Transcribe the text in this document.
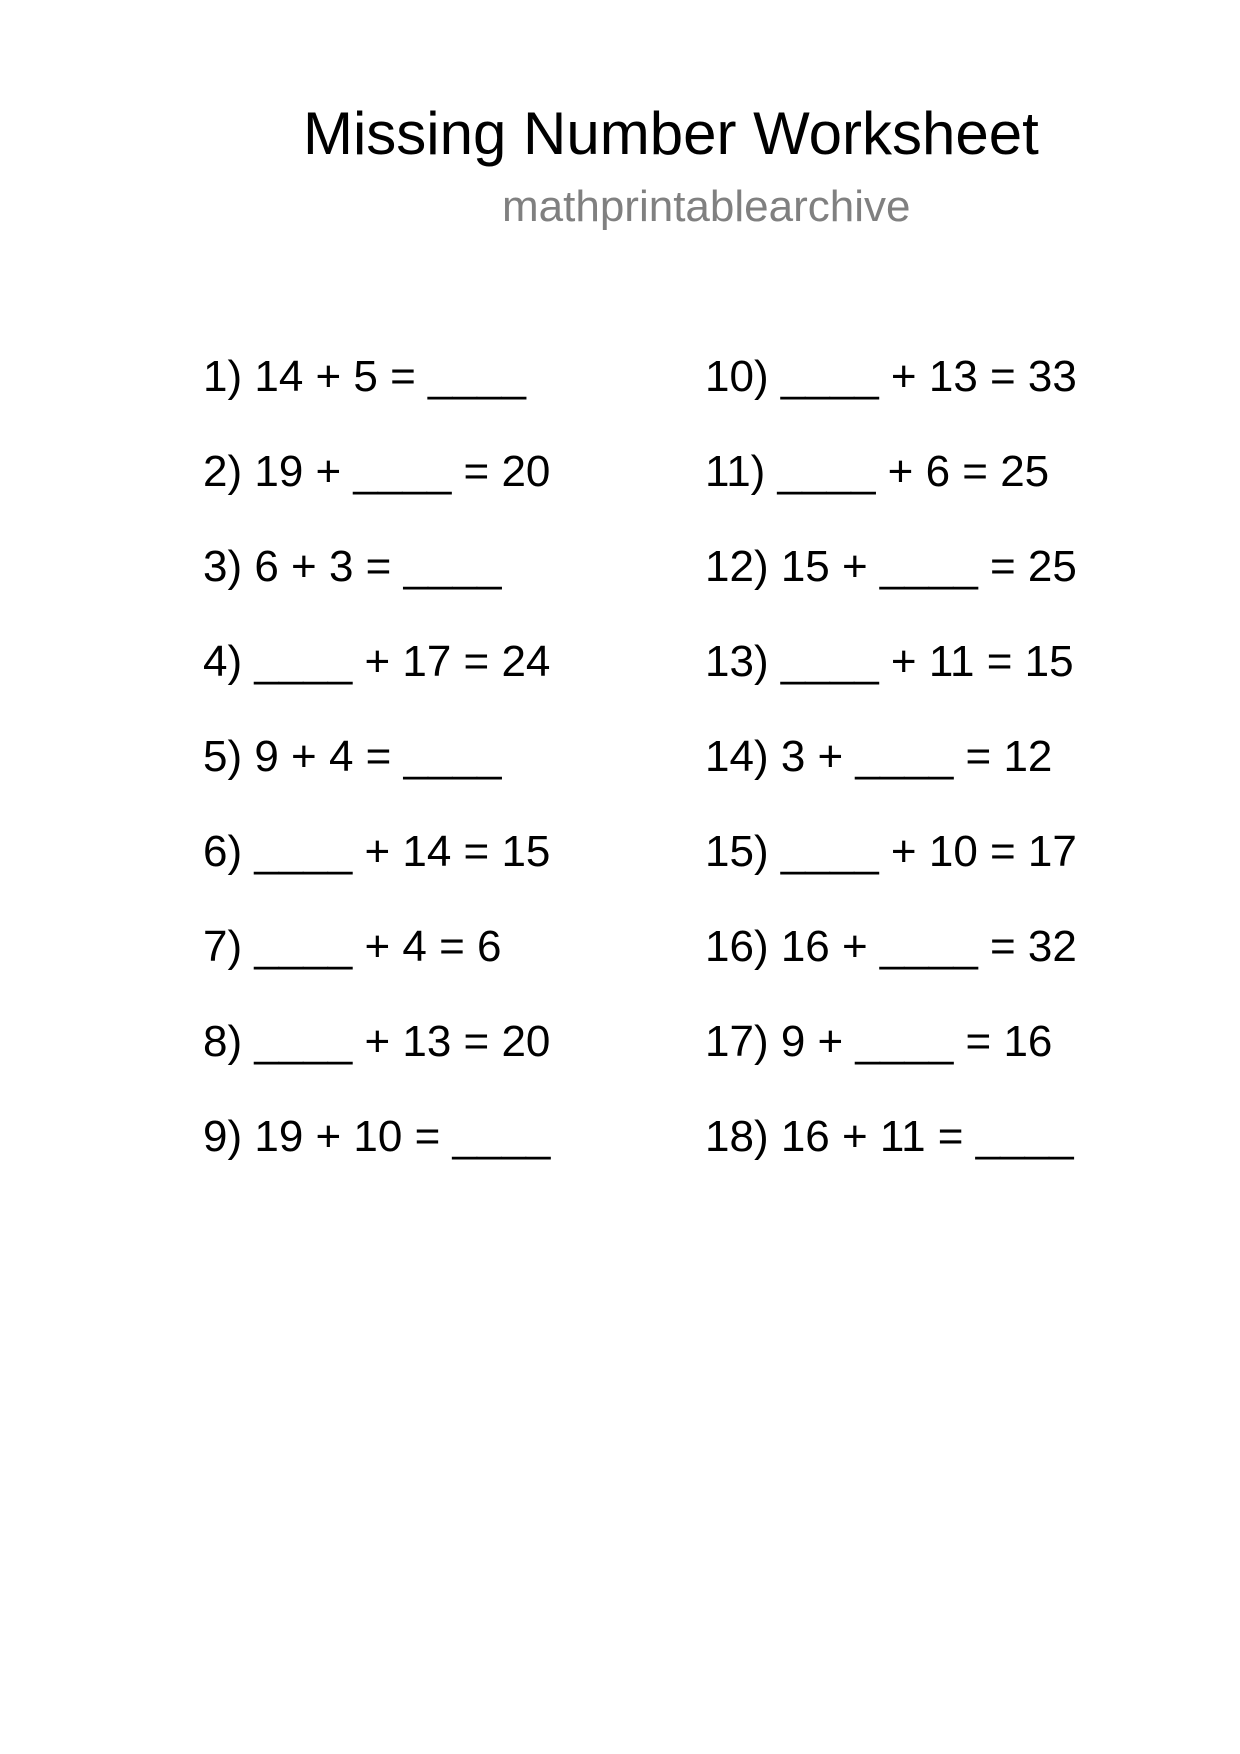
Missing Number Worksheet
mathprintablearchive
1) 14 + 5 = ____
2) 19 + ____ = 20
3) 6 + 3 = ____
4) ____ + 17 = 24
5) 9 + 4 = ____
6) ____ + 14 = 15
7) ____ + 4 = 6
8) ____ + 13 = 20
9) 19 + 10 = ____
10) ____ + 13 = 33
11) ____ + 6 = 25
12) 15 + ____ = 25
13) ____ + 11 = 15
14) 3 + ____ = 12
15) ____ + 10 = 17
16) 16 + ____ = 32
17) 9 + ____ = 16
18) 16 + 11 = ____
